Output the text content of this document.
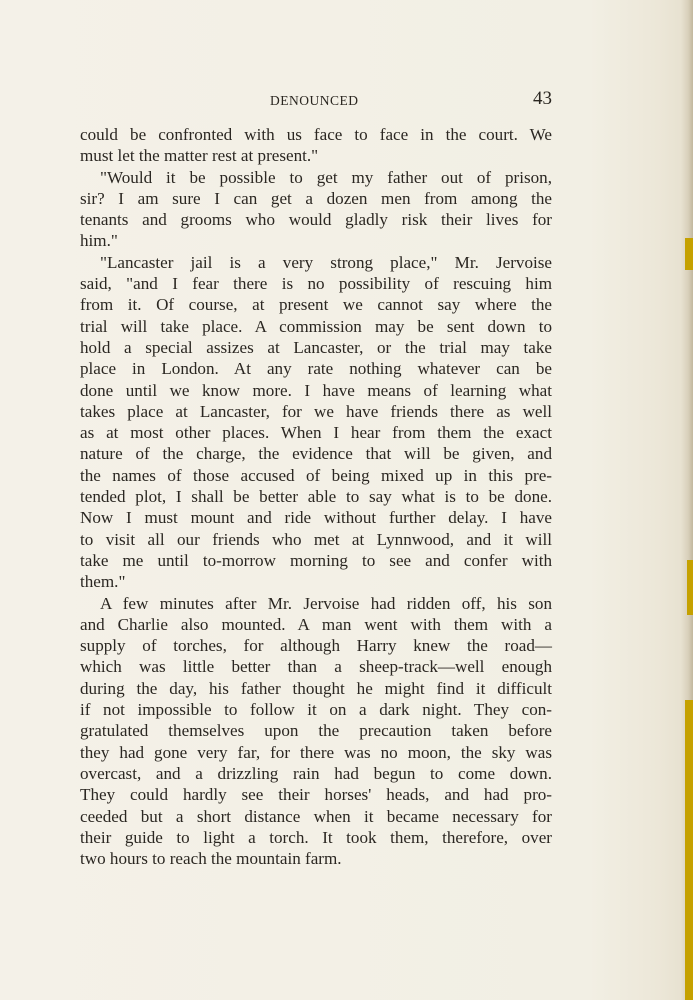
DENOUNCED	43
could be confronted with us face to face in the court. We
must let the matter rest at present."
"Would it be possible to get my father out of prison,
sir? I am sure I can get a dozen men from among the
tenants and grooms who would gladly risk their lives for
him."
"Lancaster jail is a very strong place," Mr. Jervoise
said, "and I fear there is no possibility of rescuing him
from it. Of course, at present we cannot say where the
trial will take place. A commission may be sent down to
hold a special assizes at Lancaster, or the trial may take
place in London. At any rate nothing whatever can be
done until we know more. I have means of learning what
takes place at Lancaster, for we have friends there as well
as at most other places. When I hear from them the exact
nature of the charge, the evidence that will be given, and
the names of those accused of being mixed up in this pre-
tended plot, I shall be better able to say what is to be done.
Now I must mount and ride without further delay. I have
to visit all our friends who met at Lynnwood, and it will
take me until to-morrow morning to see and confer with
them."
A few minutes after Mr. Jervoise had ridden off, his son
and Charlie also mounted. A man went with them with a
supply of torches, for although Harry knew the road—
which was little better than a sheep-track—well enough
during the day, his father thought he might find it difficult
if not impossible to follow it on a dark night. They con-
gratulated themselves upon the precaution taken before
they had gone very far, for there was no moon, the sky was
overcast, and a drizzling rain had begun to come down.
They could hardly see their horses' heads, and had pro-
ceeded but a short distance when it became necessary for
their guide to light a torch. It took them, therefore, over
two hours to reach the mountain farm.
